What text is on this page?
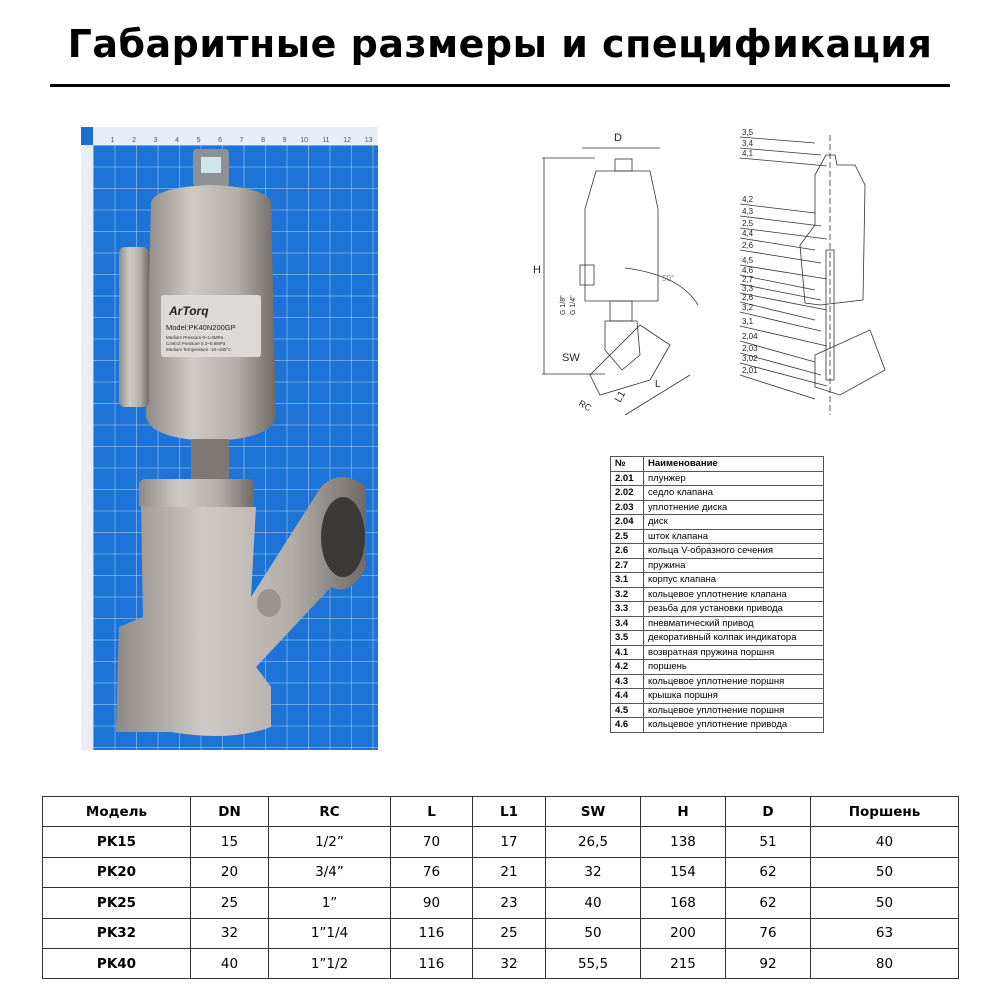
Габаритные размеры и спецификация
1	2	3	4	5	6	7	8	9	10	11	12	13
ArTorq
Model:PK40N200GP
Medium Pressure 0~1.6MPa
Control Pressure 0.3~0.8MPa
Medium Temperature -10~180°C
D
H
G 1/8" G 1/4"
50°
SW
RC
L1
L
3,5
3,4
4,1
4,2
4,3
2,5
4,4
2,6
4,5
4,6
2,7
3,3
2,6
3,2
3,1
2,04
2,03
3,02
2,01
№	Наименование
2.01	плунжер
2.02	седло клапана
2.03	уплотнение диска
2.04	диск
2.5	шток клапана
2.6	кольца V-образного сечения
2.7	пружина
3.1	корпус клапана
3.2	кольцевое уплотнение клапана
3.3	резьба для установки привода
3.4	пневматический привод
3.5	декоративный колпак индикатора
4.1	возвратная пружина поршня
4.2	поршень
4.3	кольцевое уплотнение поршня
4.4	крышка поршня
4.5	кольцевое уплотнение поршня
4.6	кольцевое уплотнение привода
Модель	DN	RC	L	L1	SW	H	D	Поршень
PK15	15	1/2”	70	17	26,5	138	51	40
PK20	20	3/4”	76	21	32	154	62	50
PK25	25	1”	90	23	40	168	62	50
PK32	32	1”1/4	116	25	50	200	76	63
PK40	40	1”1/2	116	32	55,5	215	92	80
